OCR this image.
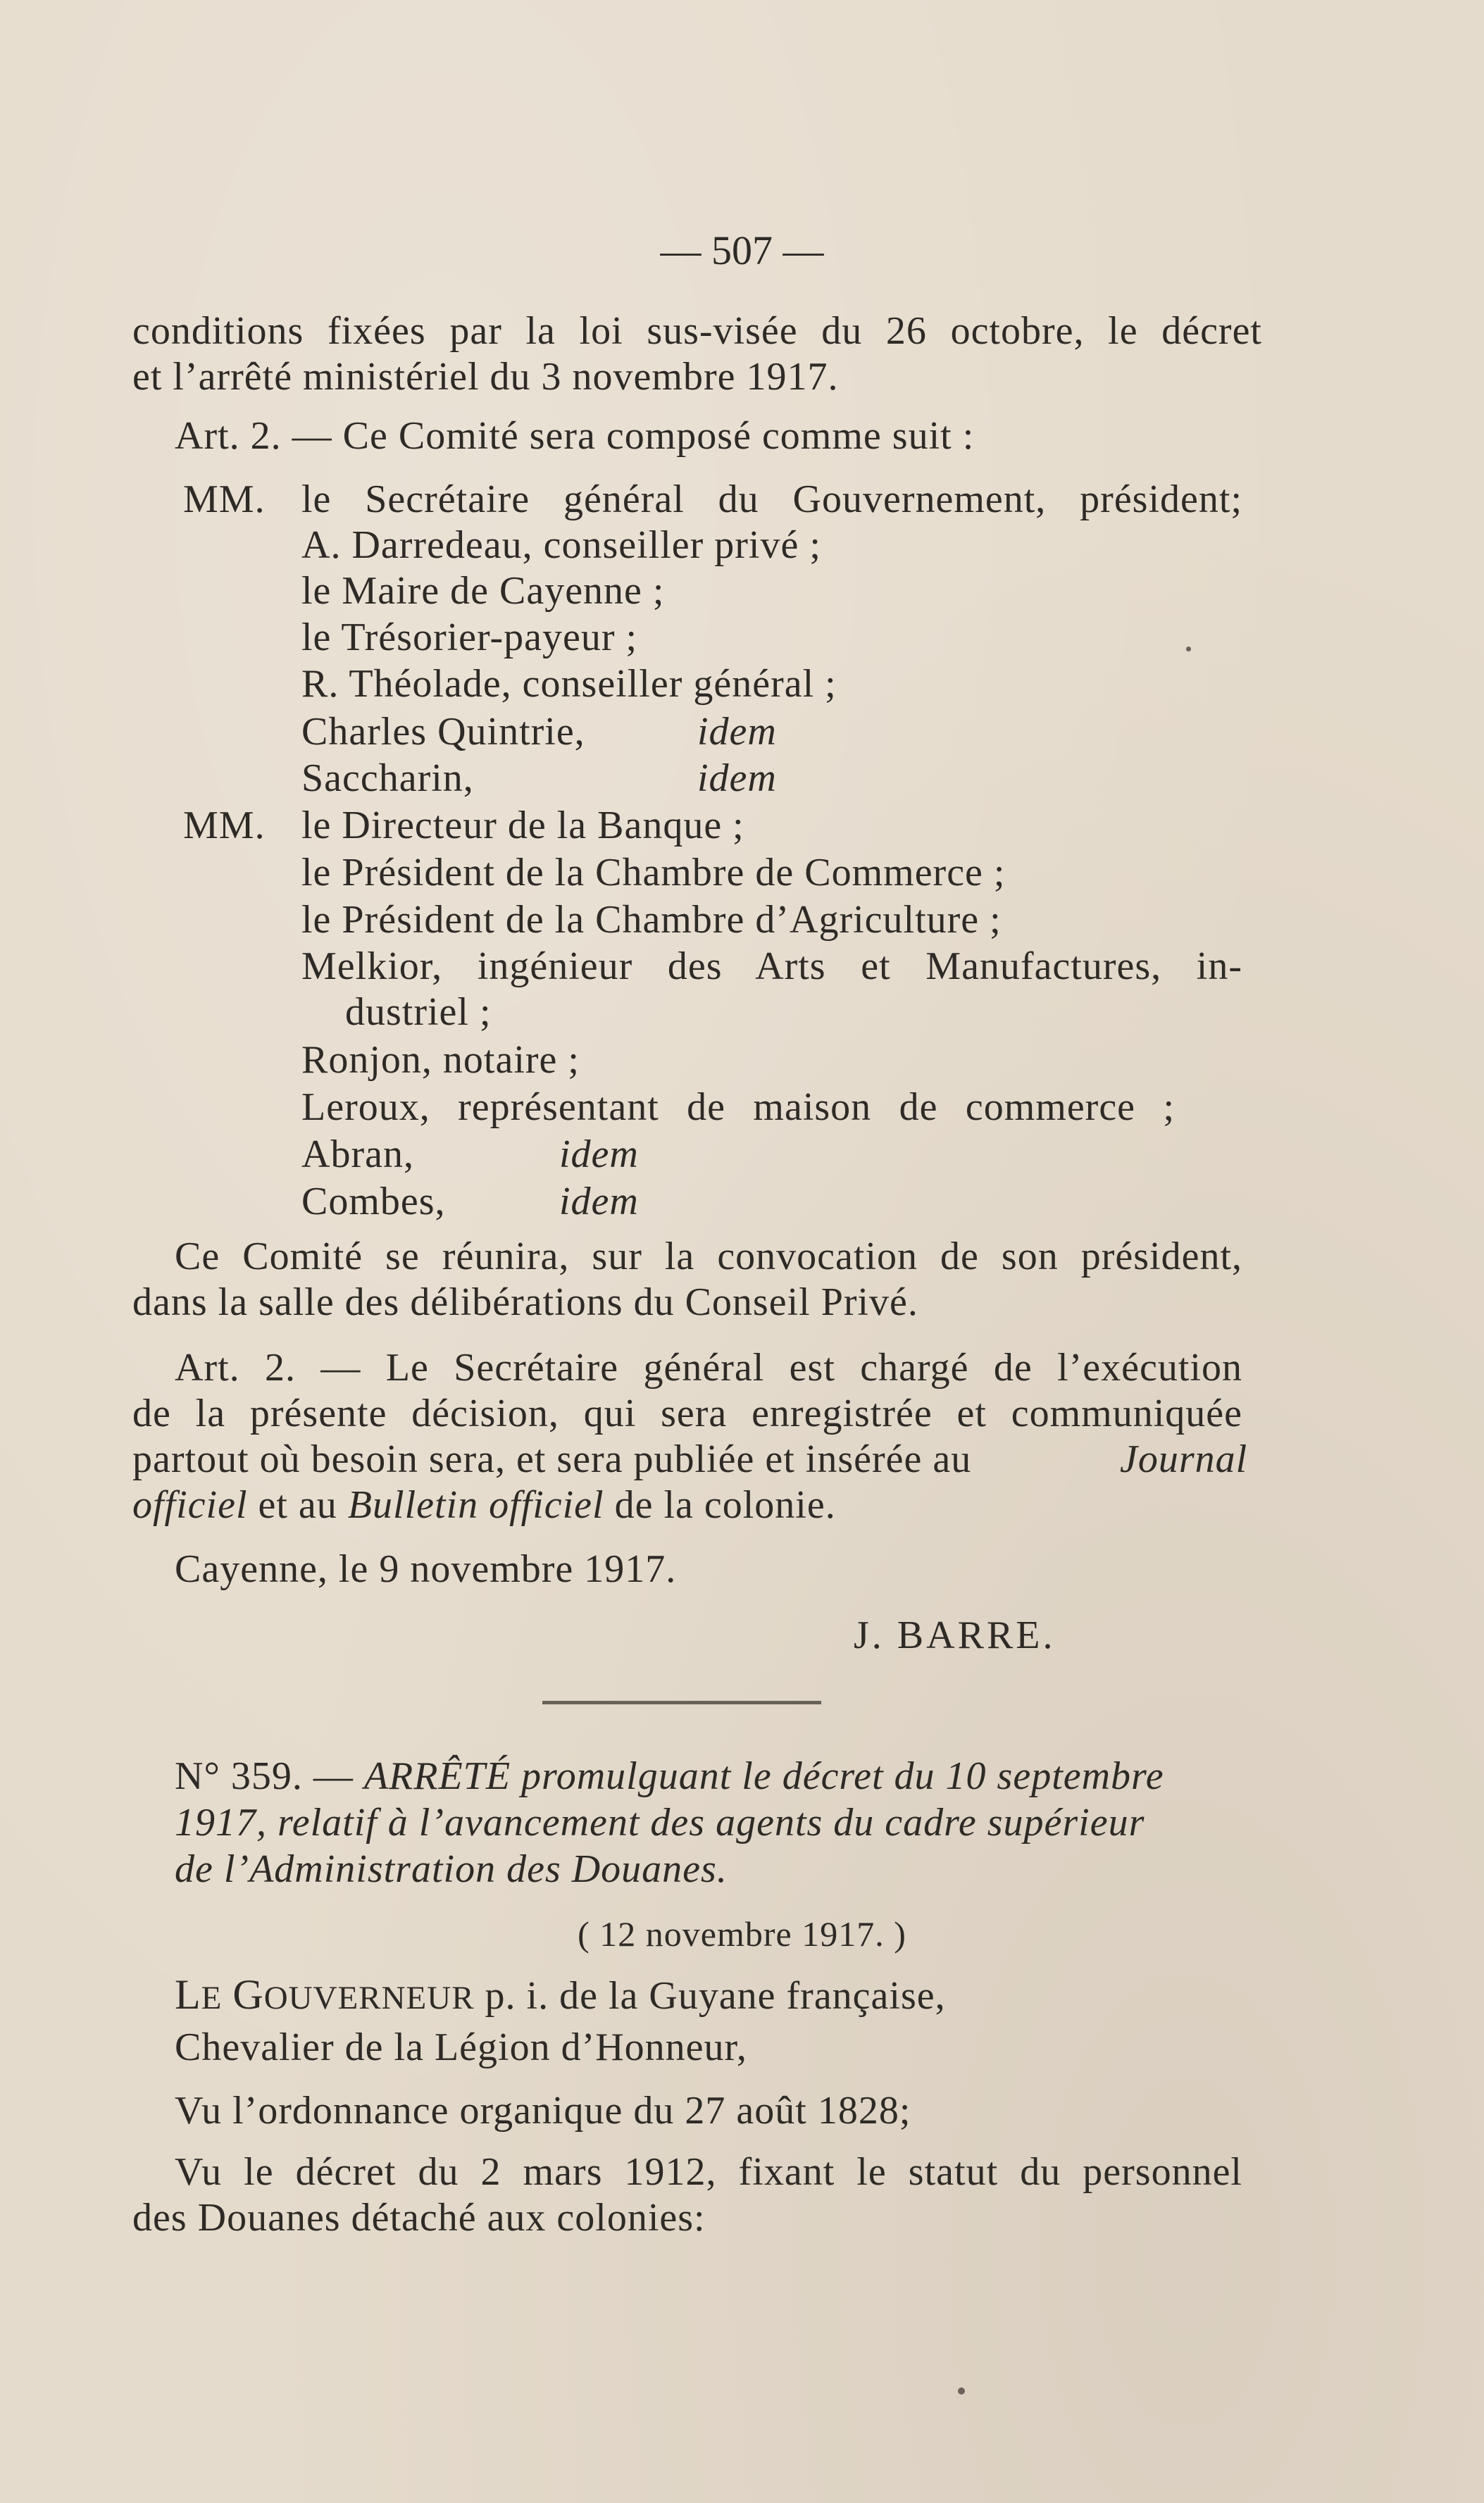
— 507 —
conditions fixées par la loi sus-visée du 26 octobre, le décret
et l’arrêté ministériel du 3 novembre 1917.
Art. 2. — Ce Comité sera composé comme suit :
MM. le Secrétaire général du Gouvernement, président;
A. Darredeau, conseiller privé ;
le Maire de Cayenne ;
le Trésorier-payeur ;
R. Théolade, conseiller général ;
Charles Quintrie,	idem
Saccharin,	idem
MM. le Directeur de la Banque ;
le Président de la Chambre de Commerce ;
le Président de la Chambre d’Agriculture ;
Melkior, ingénieur des Arts et Manufactures, in-
dustriel ;
Ronjon, notaire ;
Leroux, représentant de maison de commerce ;
Abran,	idem
Combes,	idem
Ce Comité se réunira, sur la convocation de son président,
dans la salle des délibérations du Conseil Privé.
Art. 2. — Le Secrétaire général est chargé de l’exécution
de la présente décision, qui sera enregistrée et communiquée
partout où besoin sera, et sera publiée et insérée au	Journal
officiel et au Bulletin officiel de la colonie.
Cayenne, le 9 novembre 1917.
J. BARRE.
N° 359. — ARRÊTÉ promulguant le décret du 10 septembre
1917, relatif à l’avancement des agents du cadre supérieur
de l’Administration des Douanes.
( 12 novembre 1917. )
LE GOUVERNEUR p. i. de la Guyane française,
Chevalier de la Légion d’Honneur,
Vu l’ordonnance organique du 27 août 1828;
Vu le décret du 2 mars 1912, fixant le statut du personnel
des Douanes détaché aux colonies:
